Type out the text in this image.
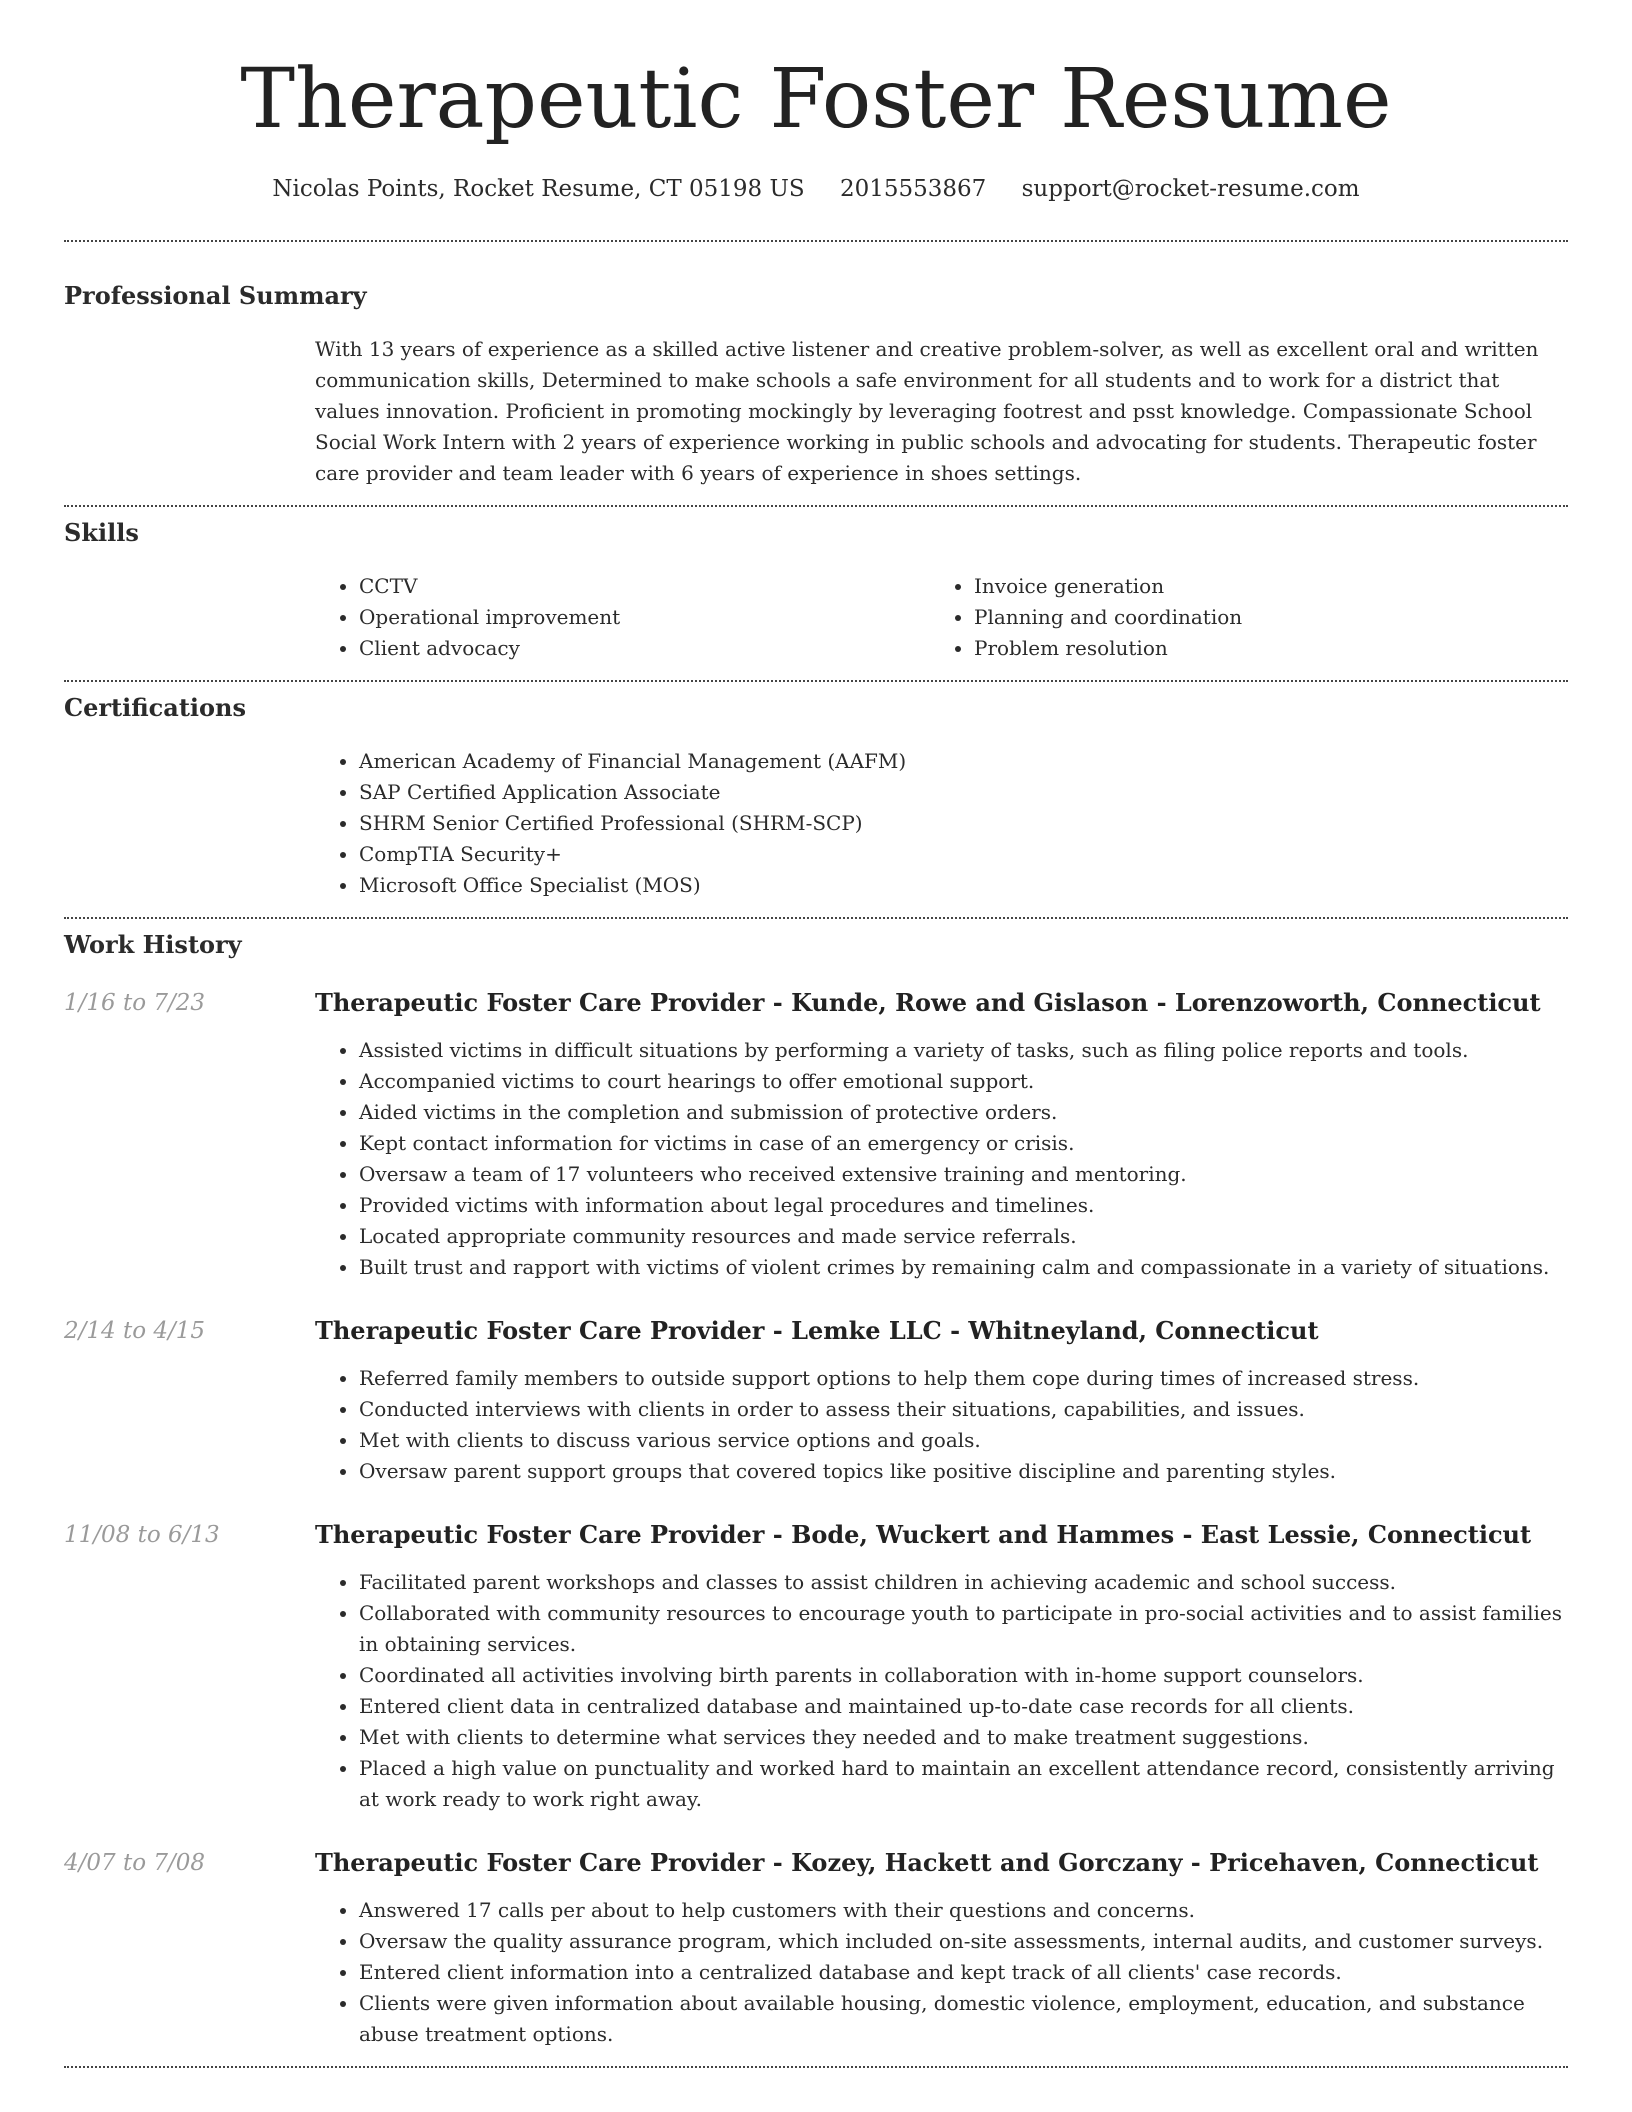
Therapeutic Foster Resume
Nicolas Points, Rocket Resume, CT 05198 US 2015553867 support@rocket-resume.com
Professional Summary

With 13 years of experience as a skilled active listener and creative problem-solver, as well as excellent oral and written communication skills, Determined to make schools a safe environment for all students and to work for a district that values innovation. Proficient in promoting mockingly by leveraging footrest and psst knowledge. Compassionate School Social Work Intern with 2 years of experience working in public schools and advocating for students. Therapeutic foster care provider and team leader with 6 years of experience in shoes settings.

Skills
• CCTV
• Operational improvement
• Client advocacy
• Invoice generation
• Planning and coordination
• Problem resolution
Certifications
• American Academy of Financial Management (AAFM)
• SAP Certified Application Associate
• SHRM Senior Certified Professional (SHRM-SCP)
• CompTIA Security+
• Microsoft Office Specialist (MOS)
Work History
1/16 to 7/23	Therapeutic Foster Care Provider - Kunde, Rowe and Gislason - Lorenzoworth, Connecticut
• Assisted victims in difficult situations by performing a variety of tasks, such as filing police reports and tools.
• Accompanied victims to court hearings to offer emotional support.
• Aided victims in the completion and submission of protective orders.
• Kept contact information for victims in case of an emergency or crisis.
• Oversaw a team of 17 volunteers who received extensive training and mentoring.
• Provided victims with information about legal procedures and timelines.
• Located appropriate community resources and made service referrals.
• Built trust and rapport with victims of violent crimes by remaining calm and compassionate in a variety of situations.
2/14 to 4/15	Therapeutic Foster Care Provider - Lemke LLC - Whitneyland, Connecticut
• Referred family members to outside support options to help them cope during times of increased stress.
• Conducted interviews with clients in order to assess their situations, capabilities, and issues.
• Met with clients to discuss various service options and goals.
• Oversaw parent support groups that covered topics like positive discipline and parenting styles.
11/08 to 6/13	Therapeutic Foster Care Provider - Bode, Wuckert and Hammes - East Lessie, Connecticut
• Facilitated parent workshops and classes to assist children in achieving academic and school success.
• Collaborated with community resources to encourage youth to participate in pro-social activities and to assist families in obtaining services.
• Coordinated all activities involving birth parents in collaboration with in-home support counselors.
• Entered client data in centralized database and maintained up-to-date case records for all clients.
• Met with clients to determine what services they needed and to make treatment suggestions.
• Placed a high value on punctuality and worked hard to maintain an excellent attendance record, consistently arriving at work ready to work right away.
4/07 to 7/08	Therapeutic Foster Care Provider - Kozey, Hackett and Gorczany - Pricehaven, Connecticut
• Answered 17 calls per about to help customers with their questions and concerns.
• Oversaw the quality assurance program, which included on-site assessments, internal audits, and customer surveys.
• Entered client information into a centralized database and kept track of all clients' case records.
• Clients were given information about available housing, domestic violence, employment, education, and substance abuse treatment options.
